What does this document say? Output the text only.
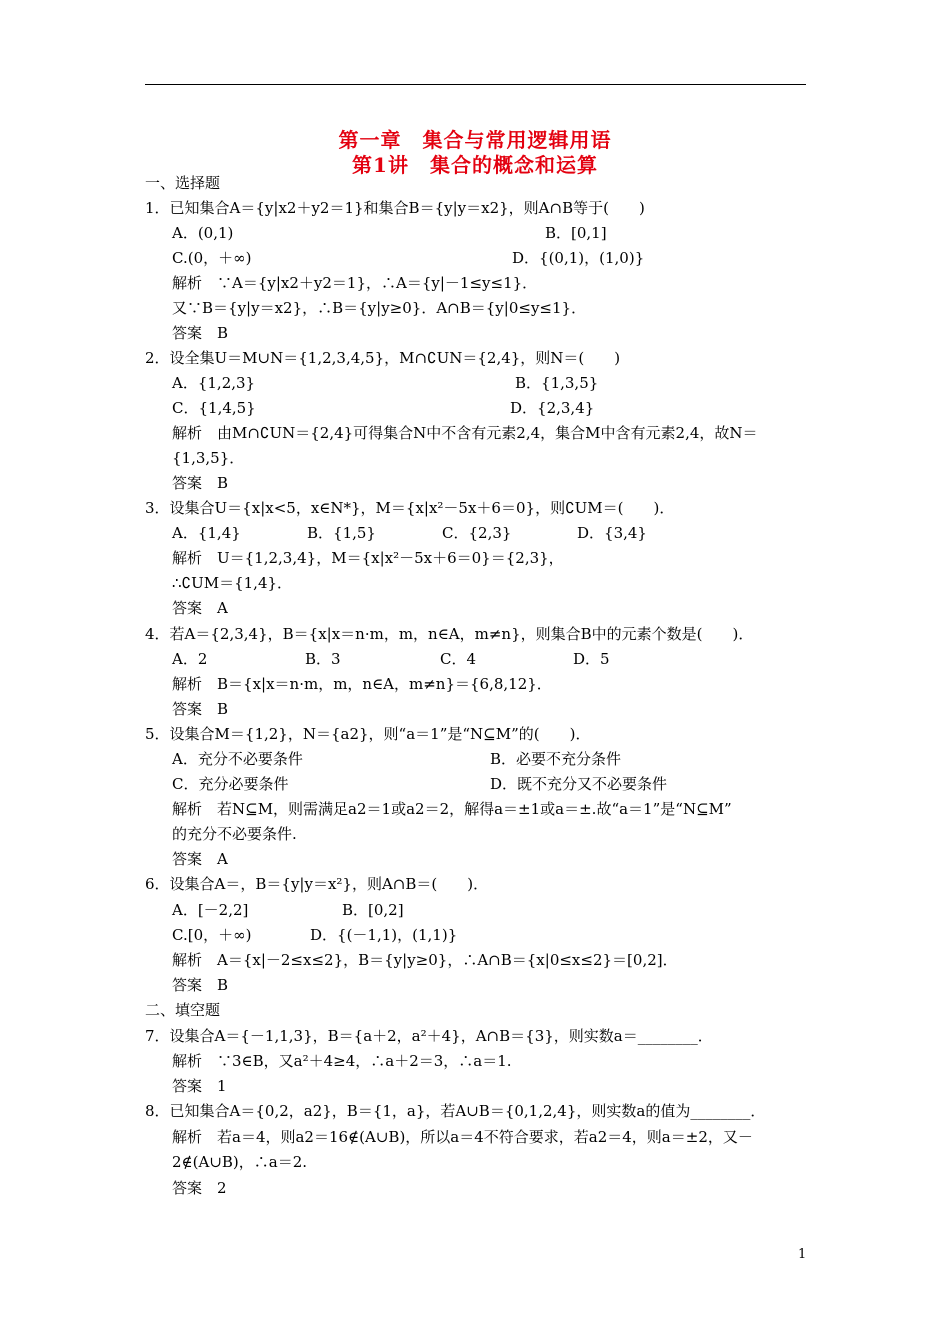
第一章　集合与常用逻辑用语
第1讲　集合的概念和运算
一、选择题
1．已知集合A＝{y|x2＋y2＝1}和集合B＝{y|y＝x2}，则A∩B等于(　　)
A．(0,1)	B．[0,1]
C.(0，＋∞)	D．{(0,1)，(1,0)}
解析　∵A＝{y|x2＋y2＝1}，∴A＝{y|－1≤y≤1}．
又∵B＝{y|y＝x2}，∴B＝{y|y≥0}．A∩B＝{y|0≤y≤1}．
答案　B
2．设全集U＝M∪N＝{1,2,3,4,5}，M∩∁UN＝{2,4}，则N＝(　　)
A．{1,2,3}	B．{1,3,5}
C．{1,4,5}	D．{2,3,4}
解析　由M∩∁UN＝{2,4}可得集合N中不含有元素2,4，集合M中含有元素2,4，故N＝
{1,3,5}．
答案　B
3．设集合U＝{x|x<5，x∈N*}，M＝{x|x²－5x＋6＝0}，则∁UM＝(　　)．
A．{1,4}	B．{1,5}	C．{2,3}	D．{3,4}
解析　U＝{1,2,3,4}，M＝{x|x²－5x＋6＝0}＝{2,3}，
∴∁UM＝{1,4}．
答案　A
4．若A＝{2,3,4}，B＝{x|x＝n·m，m，n∈A，m≠n}，则集合B中的元素个数是(　　)．
A．2	B．3	C．4	D．5
解析　B＝{x|x＝n·m，m，n∈A，m≠n}＝{6,8,12}．
答案　B
5．设集合M＝{1,2}，N＝{a2}，则“a＝1”是“N⊆M”的(　　)．
A．充分不必要条件	B．必要不充分条件
C．充分必要条件	D．既不充分又不必要条件
解析　若N⊆M，则需满足a2＝1或a2＝2，解得a＝±1或a＝±.故“a＝1”是“N⊆M”
的充分不必要条件.
答案　A
6．设集合A＝，B＝{y|y＝x²}，则A∩B＝(　　)．
A．[－2,2]	B．[0,2]
C.[0，＋∞)	D．{(－1,1)，(1,1)}
解析　A＝{x|－2≤x≤2}，B＝{y|y≥0}，∴A∩B＝{x|0≤x≤2}＝[0,2]．
答案　B
二、填空题
7．设集合A＝{－1,1,3}，B＝{a＋2，a²＋4}，A∩B＝{3}，则实数a＝________．
解析　∵3∈B，又a²＋4≥4，∴a＋2＝3，∴a＝1.
答案　1
8．已知集合A＝{0,2，a2}，B＝{1，a}，若A∪B＝{0,1,2,4}，则实数a的值为________．
解析　若a＝4，则a2＝16∉(A∪B)，所以a＝4不符合要求，若a2＝4，则a＝±2，又－
2∉(A∪B)，∴a＝2.
答案　2
1
